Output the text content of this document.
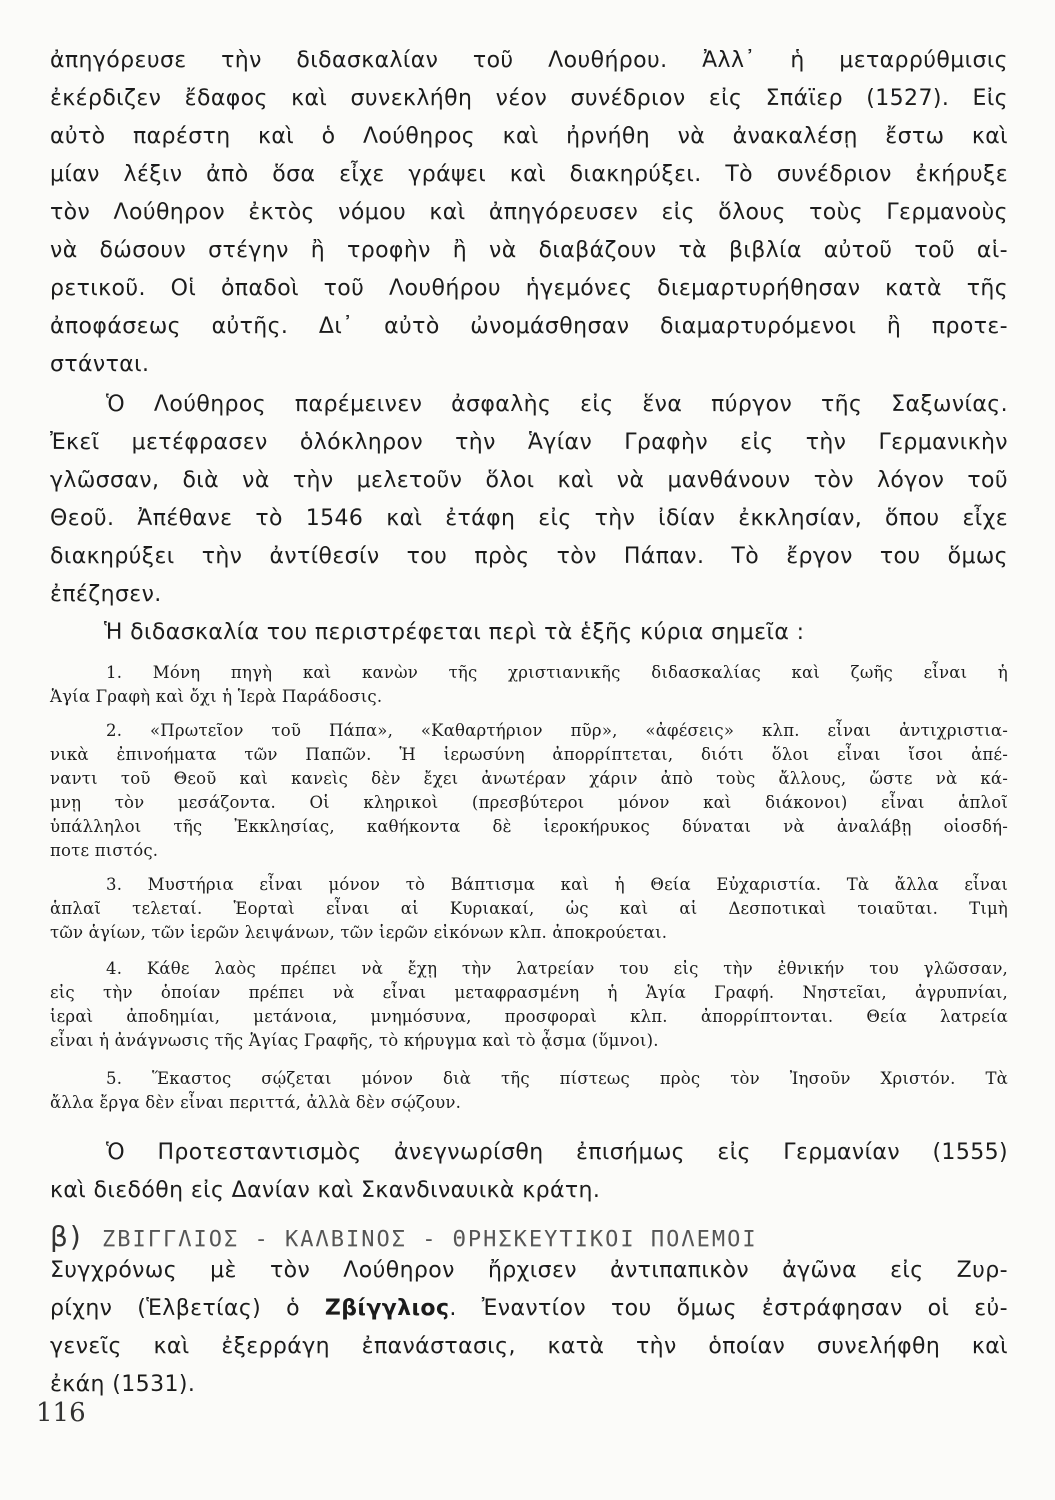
ἀπηγόρευσε τὴν διδασκαλίαν τοῦ Λουθήρου. Ἀλλ᾽ ἡ μεταρρύθμισις
ἐκέρδιζεν ἔδαφος καὶ συνεκλήθη νέον συνέδριον εἰς Σπάϊερ (1527). Εἰς
αὐτὸ παρέστη καὶ ὁ Λούθηρος καὶ ἠρνήθη νὰ ἀνακαλέσῃ ἔστω καὶ
μίαν λέξιν ἀπὸ ὅσα εἶχε γράψει καὶ διακηρύξει. Τὸ συνέδριον ἐκήρυξε
τὸν Λούθηρον ἐκτὸς νόμου καὶ ἀπηγόρευσεν εἰς ὅλους τοὺς Γερμανοὺς
νὰ δώσουν στέγην ἢ τροφὴν ἢ νὰ διαβάζουν τὰ βιβλία αὐτοῦ τοῦ αἱ-
ρετικοῦ. Οἱ ὀπαδοὶ τοῦ Λουθήρου ἡγεμόνες διεμαρτυρήθησαν κατὰ τῆς
ἀποφάσεως αὐτῆς. Δι᾽ αὐτὸ ὠνομάσθησαν διαμαρτυρόμενοι ἢ προτε-
στάνται.
Ὁ Λούθηρος παρέμεινεν ἀσφαλὴς εἰς ἕνα πύργον τῆς Σαξωνίας.
Ἐκεῖ μετέφρασεν ὁλόκληρον τὴν Ἁγίαν Γραφὴν εἰς τὴν Γερμανικὴν
γλῶσσαν, διὰ νὰ τὴν μελετοῦν ὅλοι καὶ νὰ μανθάνουν τὸν λόγον τοῦ
Θεοῦ. Ἀπέθανε τὸ 1546 καὶ ἐτάφη εἰς τὴν ἰδίαν ἐκκλησίαν, ὅπου εἶχε
διακηρύξει τὴν ἀντίθεσίν του πρὸς τὸν Πάπαν. Τὸ ἔργον του ὅμως
ἐπέζησεν.
Ἡ διδασκαλία του περιστρέφεται περὶ τὰ ἑξῆς κύρια σημεῖα :
1. Μόνη πηγὴ καὶ κανὼν τῆς χριστιανικῆς διδασκαλίας καὶ ζωῆς εἶναι ἡ
Ἁγία Γραφὴ καὶ ὄχι ἡ Ἱερὰ Παράδοσις.
2. «Πρωτεῖον τοῦ Πάπα», «Καθαρτήριον πῦρ», «ἀφέσεις» κλπ. εἶναι ἀντιχριστια-
νικὰ ἐπινοήματα τῶν Παπῶν. Ἡ ἱερωσύνη ἀπορρίπτεται, διότι ὅλοι εἶναι ἴσοι ἀπέ-
ναντι τοῦ Θεοῦ καὶ κανεὶς δὲν ἔχει ἀνωτέραν χάριν ἀπὸ τοὺς ἄλλους, ὥστε νὰ κά-
μνῃ τὸν μεσάζοντα. Οἱ κληρικοὶ (πρεσβύτεροι μόνον καὶ διάκονοι) εἶναι ἁπλοῖ
ὑπάλληλοι τῆς Ἐκκλησίας, καθήκοντα δὲ ἱεροκήρυκος δύναται νὰ ἀναλάβῃ οἱοσδή-
ποτε πιστός.
3. Μυστήρια εἶναι μόνον τὸ Βάπτισμα καὶ ἡ Θεία Εὐχαριστία. Τὰ ἄλλα εἶναι
ἁπλαῖ τελεταί. Ἑορταὶ εἶναι αἱ Κυριακαί, ὡς καὶ αἱ Δεσποτικαὶ τοιαῦται. Τιμὴ
τῶν ἁγίων, τῶν ἱερῶν λειψάνων, τῶν ἱερῶν εἰκόνων κλπ. ἀποκρούεται.
4. Κάθε λαὸς πρέπει νὰ ἔχῃ τὴν λατρείαν του εἰς τὴν ἐθνικήν του γλῶσσαν,
εἰς τὴν ὁποίαν πρέπει νὰ εἶναι μεταφρασμένη ἡ Ἁγία Γραφή. Νηστεῖαι, ἀγρυπνίαι,
ἱεραὶ ἀποδημίαι, μετάνοια, μνημόσυνα, προσφοραὶ κλπ. ἀπορρίπτονται. Θεία λατρεία
εἶναι ἡ ἀνάγνωσις τῆς Ἁγίας Γραφῆς, τὸ κήρυγμα καὶ τὸ ᾆσμα (ὕμνοι).
5. Ἕκαστος σῴζεται μόνον διὰ τῆς πίστεως πρὸς τὸν Ἰησοῦν Χριστόν. Τὰ
ἄλλα ἔργα δὲν εἶναι περιττά, ἀλλὰ δὲν σῴζουν.
Ὁ Προτεσταντισμὸς ἀνεγνωρίσθη ἐπισήμως εἰς Γερμανίαν (1555)
καὶ διεδόθη εἰς Δανίαν καὶ Σκανδιναυικὰ κράτη.
Συγχρόνως μὲ τὸν Λούθηρον ἤρχισεν ἀντιπαπικὸν ἀγῶνα εἰς Ζυρ-
ρίχην (Ἑλβετίας) ὁ Ζβίγγλιος. Ἐναντίον του ὅμως ἐστράφησαν οἱ εὐ-
γενεῖς καὶ ἐξερράγη ἐπανάστασις, κατὰ τὴν ὁποίαν συνελήφθη καὶ
ἐκάη (1531).
β) ΖΒΙΓΓΛΙΟΣ - ΚΑΛΒΙΝΟΣ - ΘΡΗΣΚΕΥΤΙΚΟΙ ΠΟΛΕΜΟΙ
116
